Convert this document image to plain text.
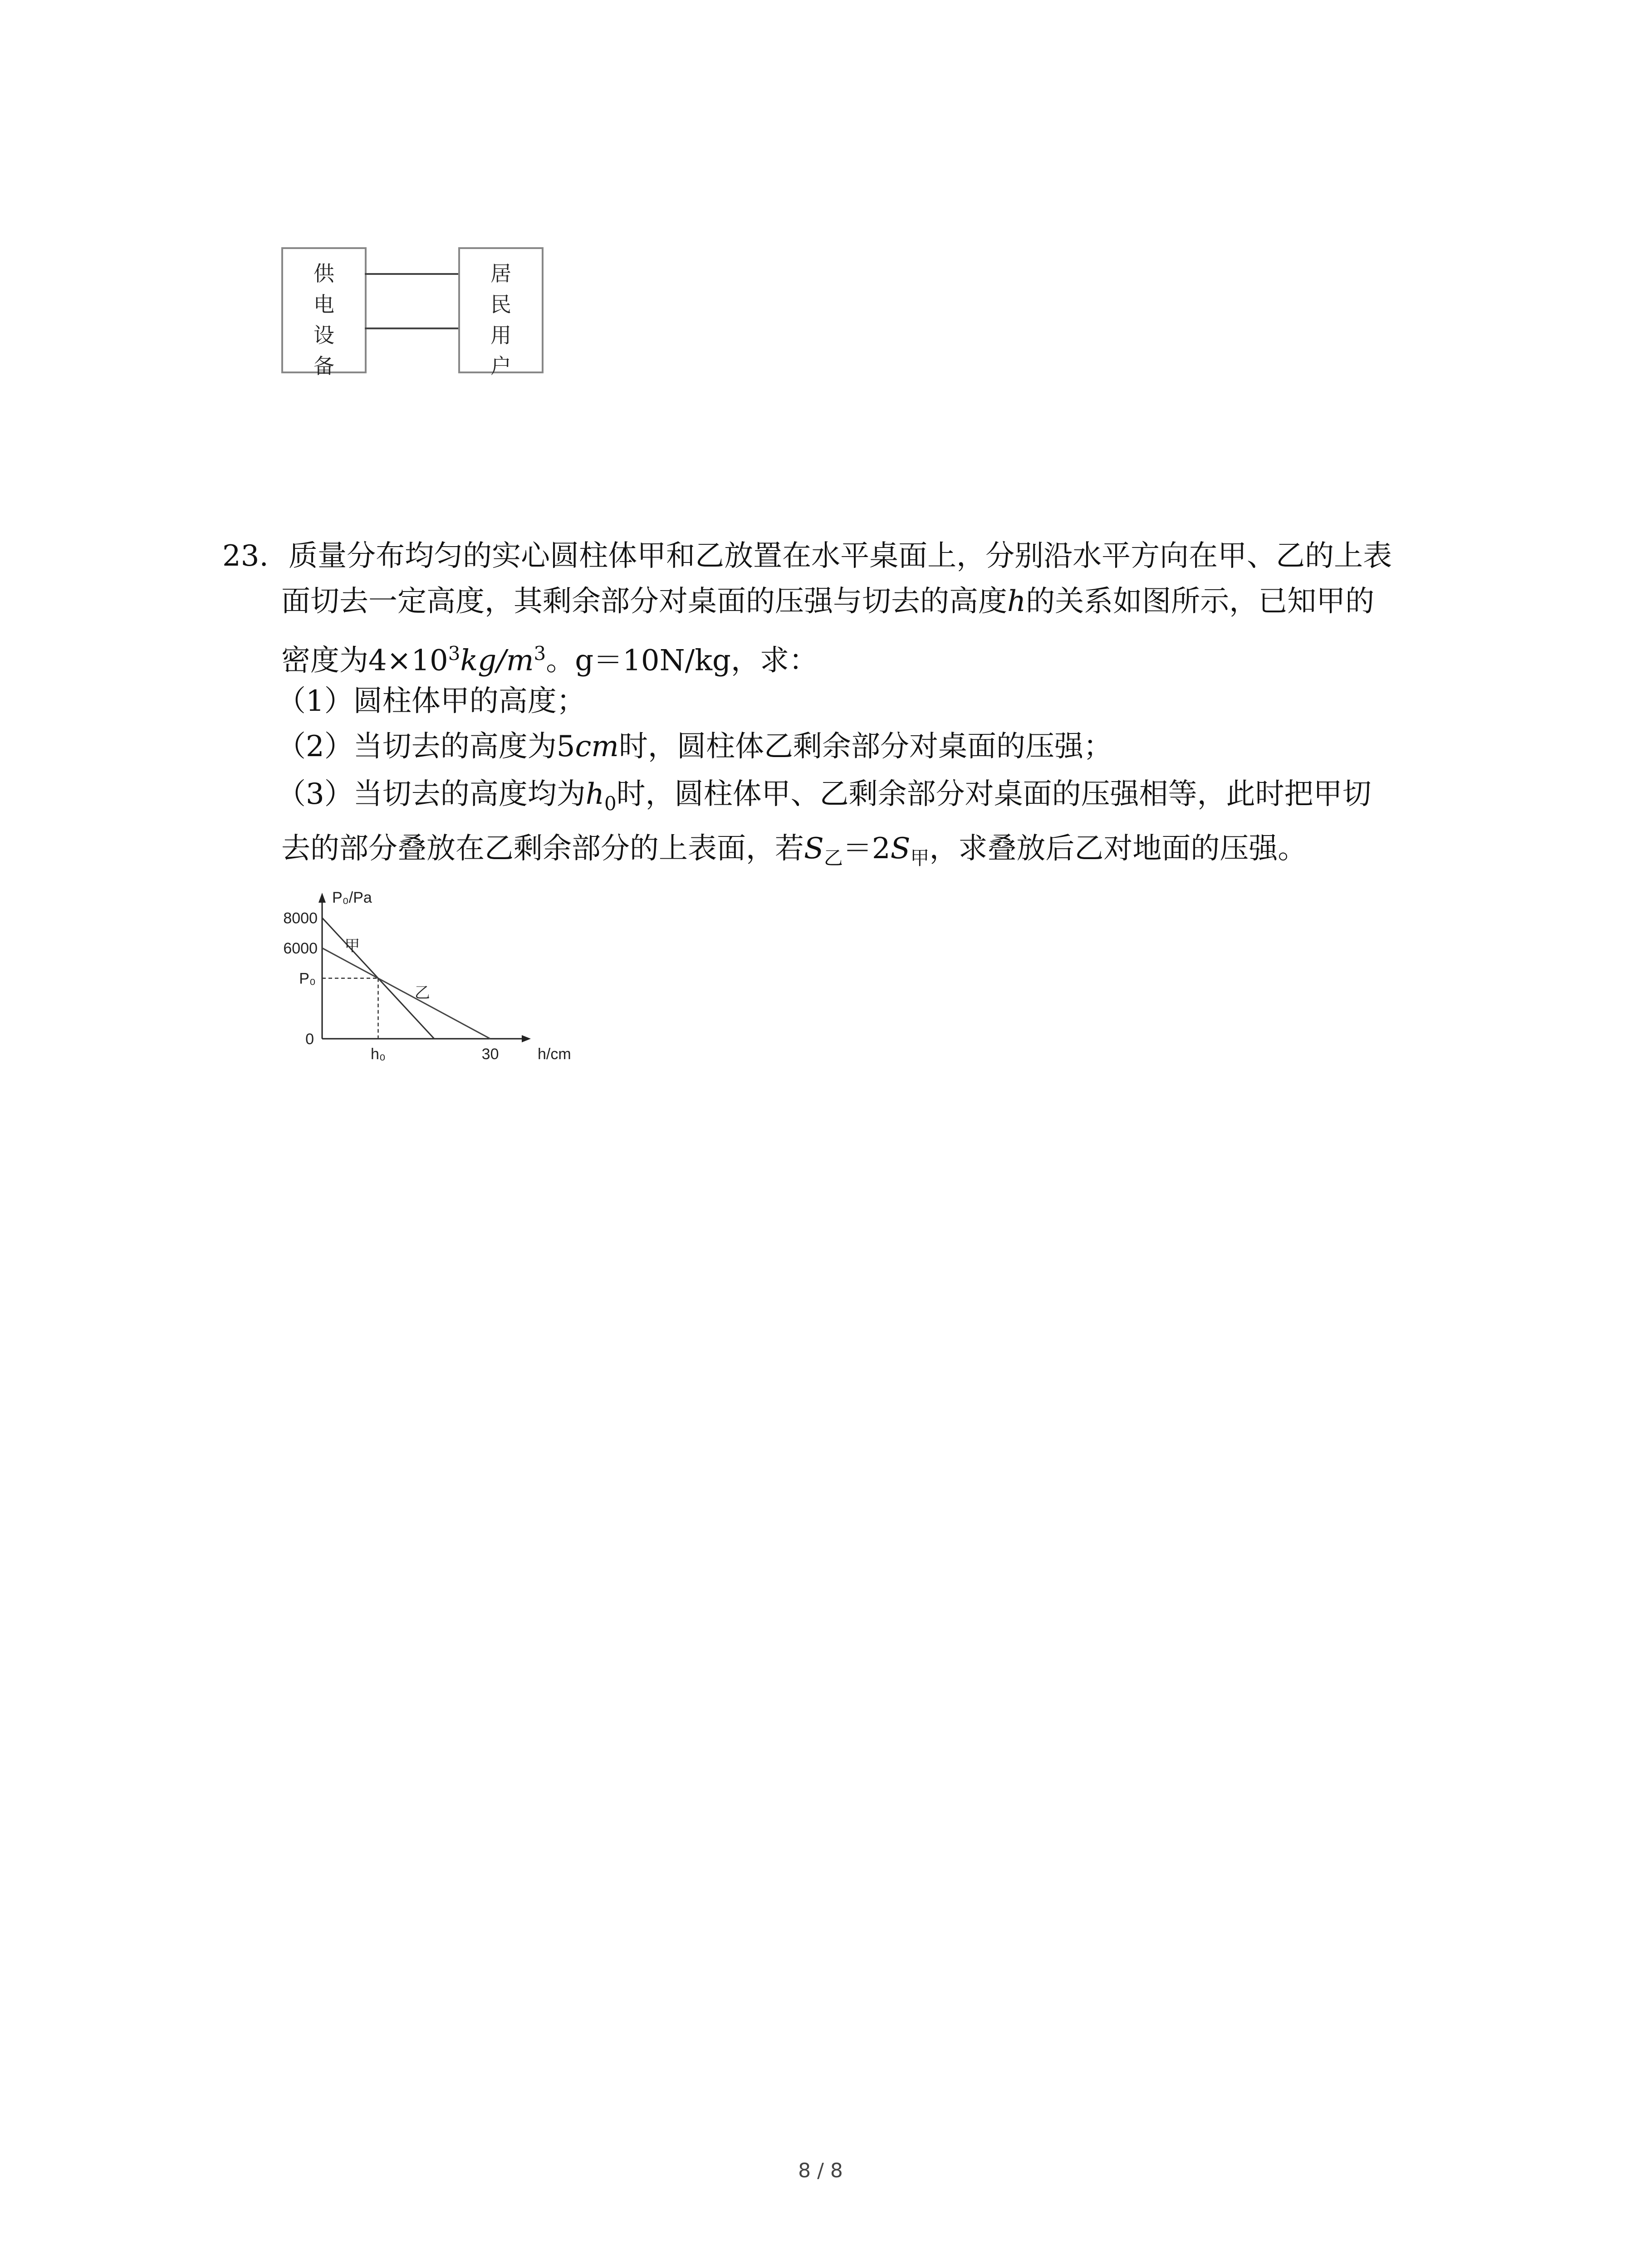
供
电
设
备
居
民
用
户
23. 质量分布均匀的实心圆柱体甲和乙放置在水平桌面上，分别沿水平方向在甲、乙的上表
面切去一定高度，其剩余部分对桌面的压强与切去的高度h的关系如图所示，已知甲的
密度为$4\times 10^3kg/m^3$。g＝10N/kg，求：
（1）圆柱体甲的高度；
（2）当切去的高度为5cm时，圆柱体乙剩余部分对桌面的压强；
（3）当切去的高度均为$h_0$时，圆柱体甲、乙剩余部分对桌面的压强相等，此时把甲切
去的部分叠放在乙剩余部分的上表面，若$S_乙=2S_甲$，求叠放后乙对地面的压强。
P₀/Pa
h/cm
8000
6000
P₀
0
h₀	30
甲
乙
8 / 8
